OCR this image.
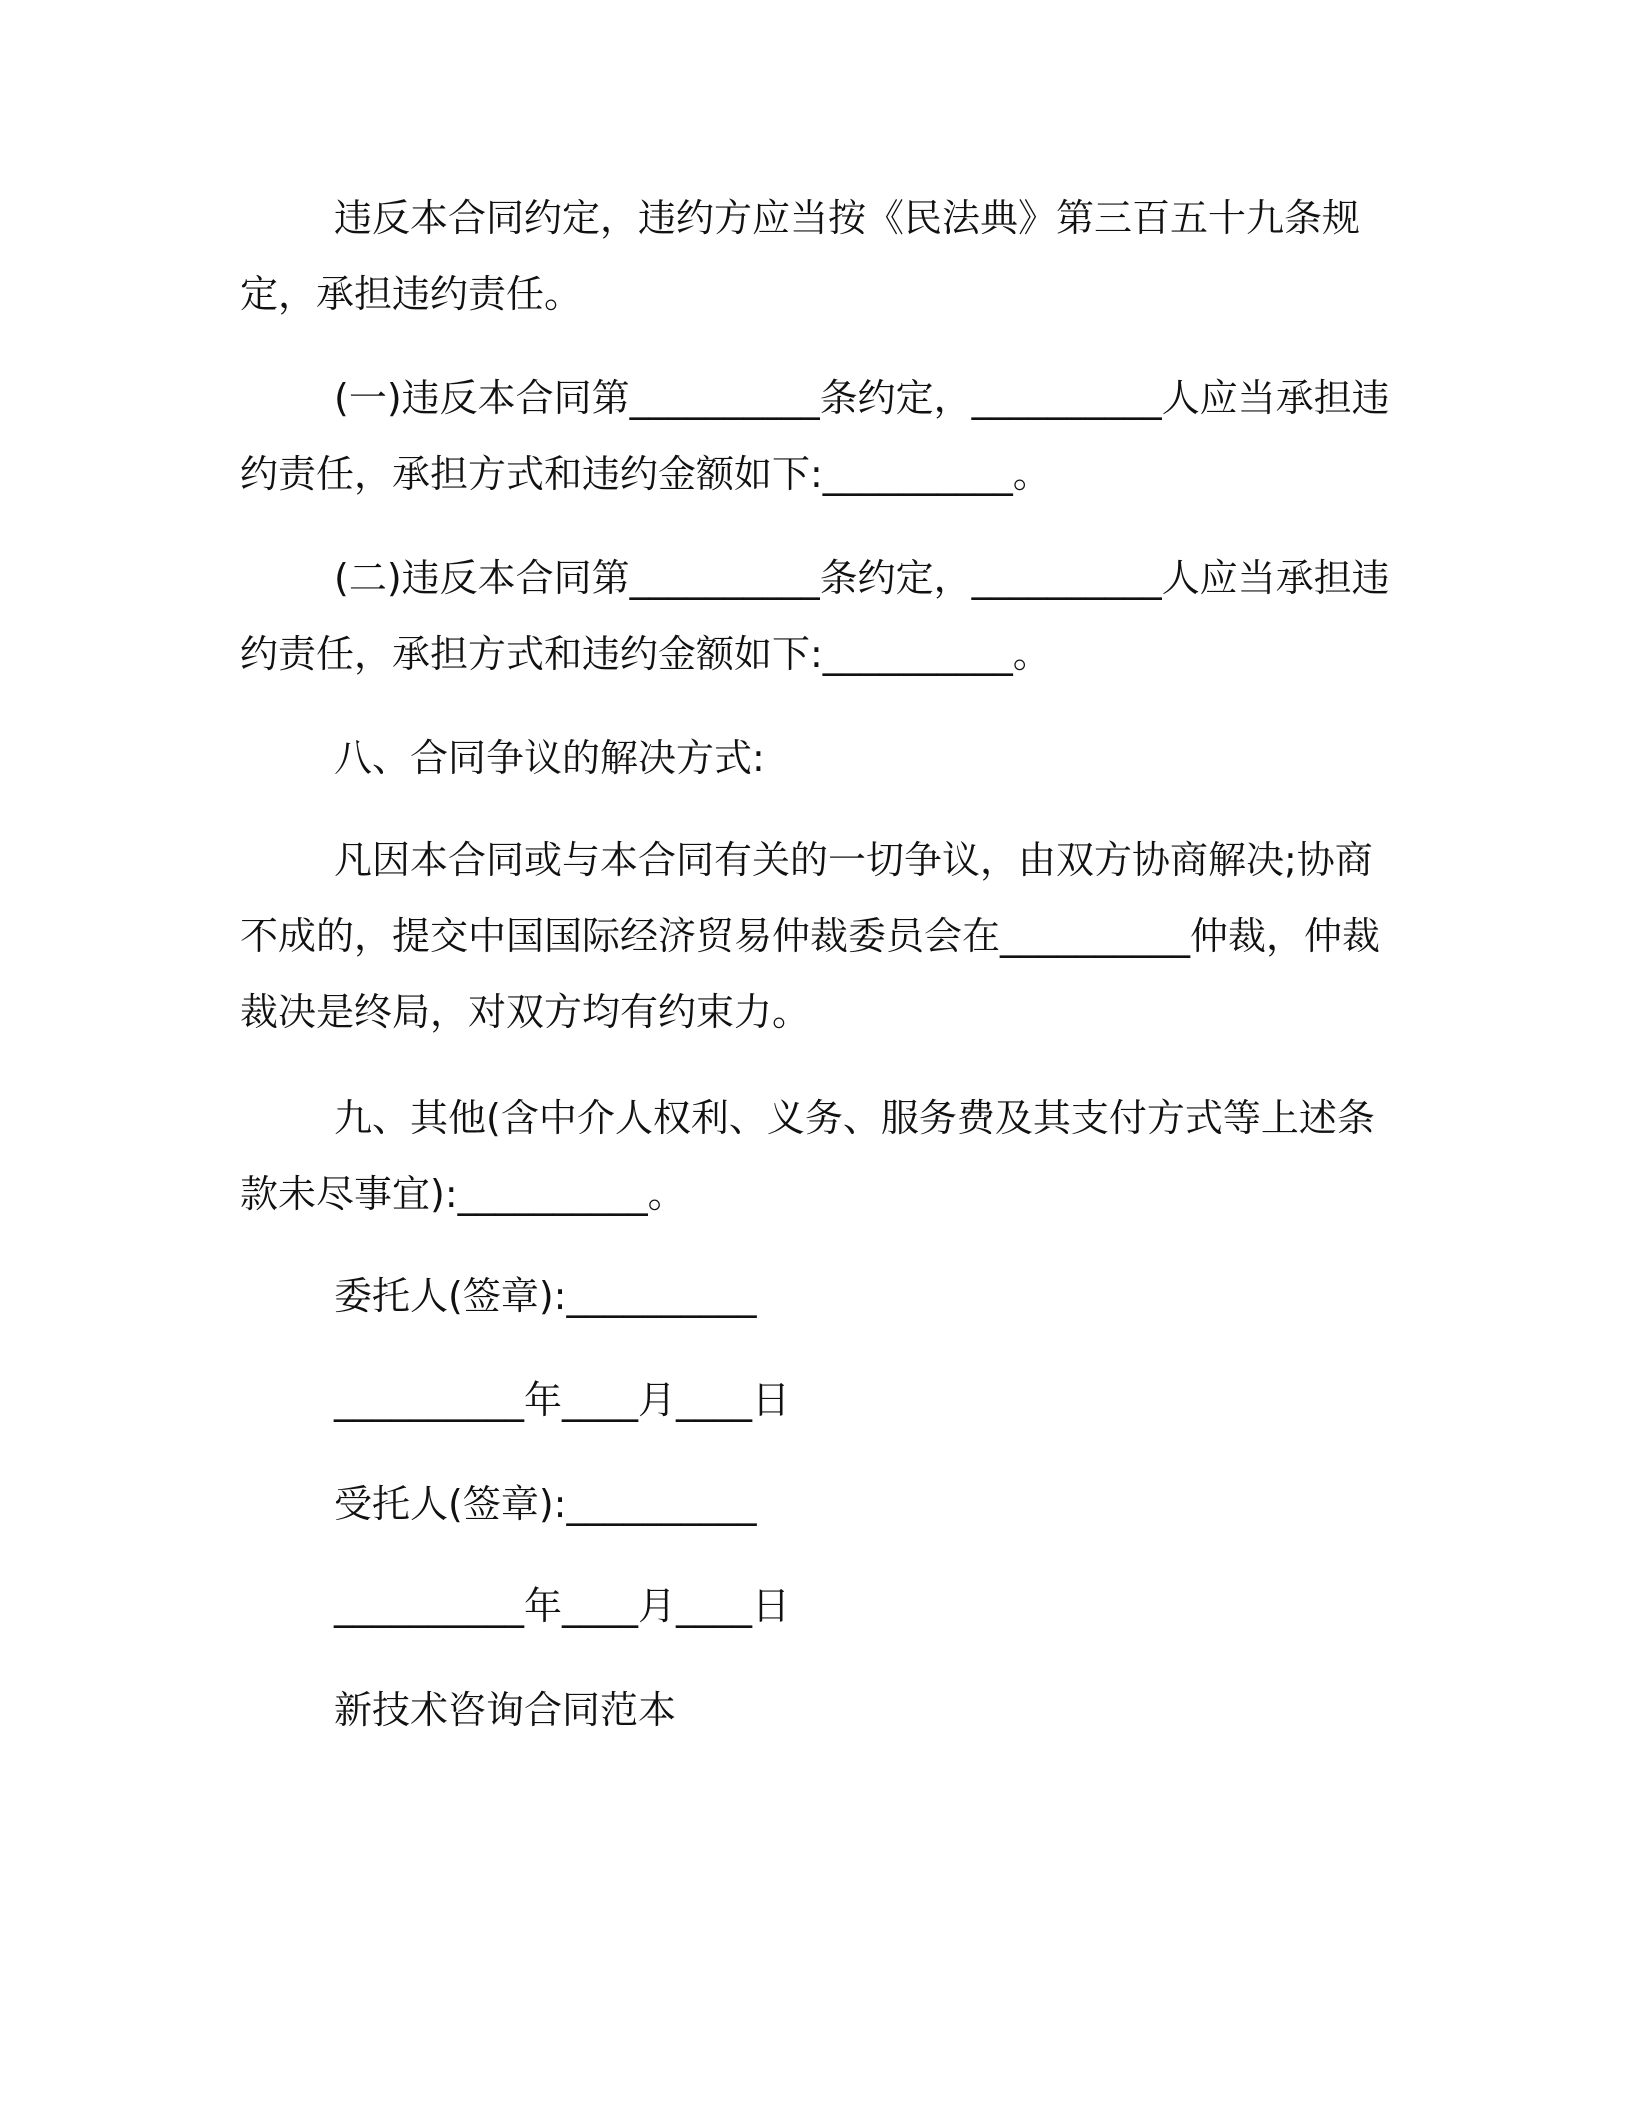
违反本合同约定，违约方应当按《民法典》第三百五十九条规定，承担违约责任。
(一)违反本合同第__________条约定，__________人应当承担违约责任，承担方式和违约金额如下:__________。
(二)违反本合同第__________条约定，__________人应当承担违约责任，承担方式和违约金额如下:__________。
八、合同争议的解决方式:
凡因本合同或与本合同有关的一切争议，由双方协商解决;协商不成的，提交中国国际经济贸易仲裁委员会在__________仲裁，仲裁裁决是终局，对双方均有约束力。
九、其他(含中介人权利、义务、服务费及其支付方式等上述条款未尽事宜):__________。
委托人(签章):__________
__________年____月____日
受托人(签章):__________
__________年____月____日
新技术咨询合同范本
